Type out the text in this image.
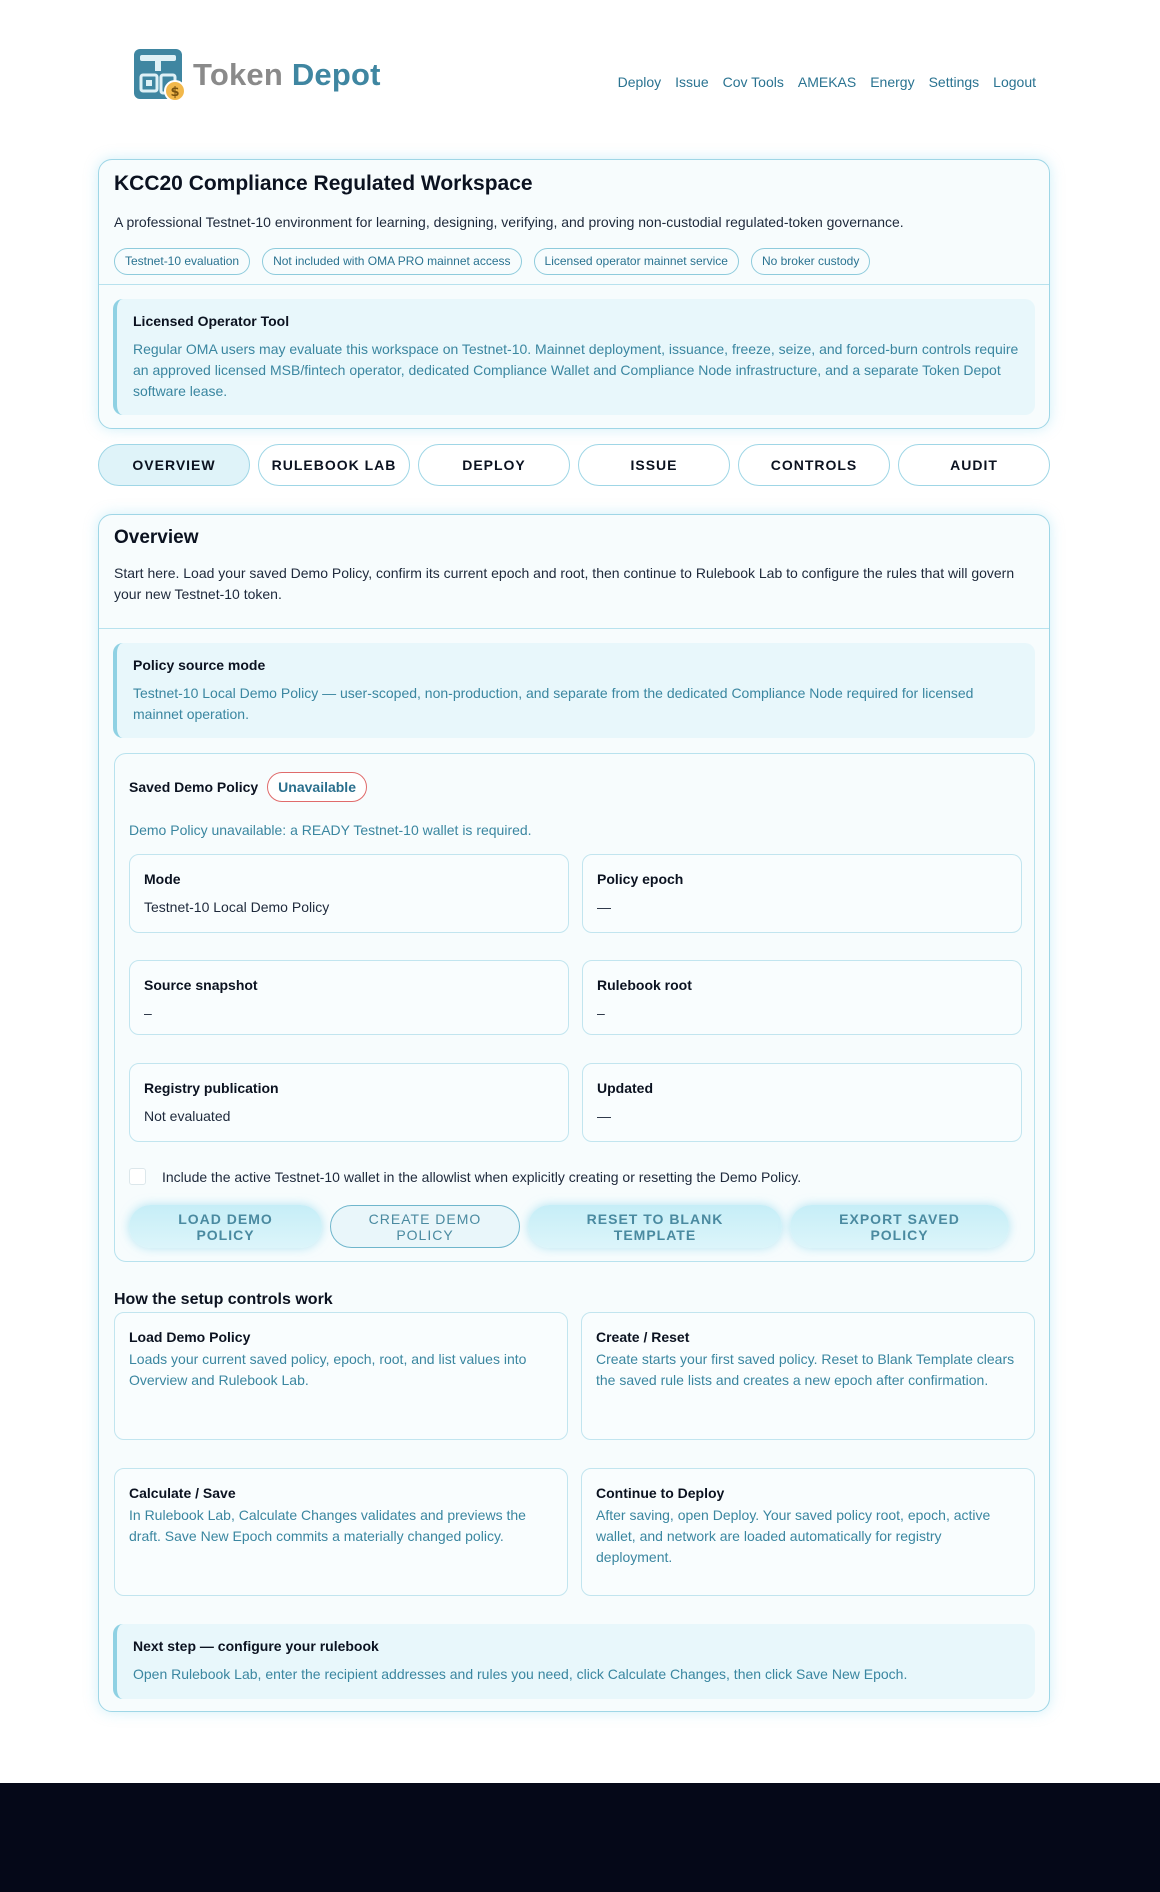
$
Token Depot	Deploy Issue Cov Tools AMEKAS Energy Settings Logout
KCC20 Compliance Regulated Workspace

A professional Testnet-10 environment for learning, designing, verifying, and proving non-custodial regulated-token governance.

Testnet-10 evaluation	Not included with OMA PRO mainnet access	Licensed operator mainnet service	No broker custody
Licensed Operator Tool
Regular OMA users may evaluate this workspace on Testnet-10. Mainnet deployment, issuance, freeze, seize, and forced-burn controls require an approved licensed MSB/fintech operator, dedicated Compliance Wallet and Compliance Node infrastructure, and a separate Token Depot software lease.
OVERVIEW	RULEBOOK LAB	DEPLOY	ISSUE	CONTROLS	AUDIT
Overview

Start here. Load your saved Demo Policy, confirm its current epoch and root, then continue to Rulebook Lab to configure the rules that will govern your new Testnet-10 token.

Policy source mode
Testnet-10 Local Demo Policy — user-scoped, non-production, and separate from the dedicated Compliance Node required for licensed mainnet operation.
Saved Demo Policy	Unavailable
Demo Policy unavailable: a READY Testnet-10 wallet is required.
Mode
Testnet-10 Local Demo Policy
Policy epoch
—
Source snapshot
–
Rulebook root
–
Registry publication
Not evaluated
Updated
—
Include the active Testnet-10 wallet in the allowlist when explicitly creating or resetting the Demo Policy.
LOAD DEMO POLICY
CREATE DEMO POLICY
RESET TO BLANK TEMPLATE
EXPORT SAVED POLICY
How the setup controls work
Load Demo Policy
Loads your current saved policy, epoch, root, and list values into Overview and Rulebook Lab.
Create / Reset
Create starts your first saved policy. Reset to Blank Template clears the saved rule lists and creates a new epoch after confirmation.
Calculate / Save
In Rulebook Lab, Calculate Changes validates and previews the draft. Save New Epoch commits a materially changed policy.
Continue to Deploy
After saving, open Deploy. Your saved policy root, epoch, active wallet, and network are loaded automatically for registry deployment.
Next step — configure your rulebook
Open Rulebook Lab, enter the recipient addresses and rules you need, click Calculate Changes, then click Save New Epoch.
